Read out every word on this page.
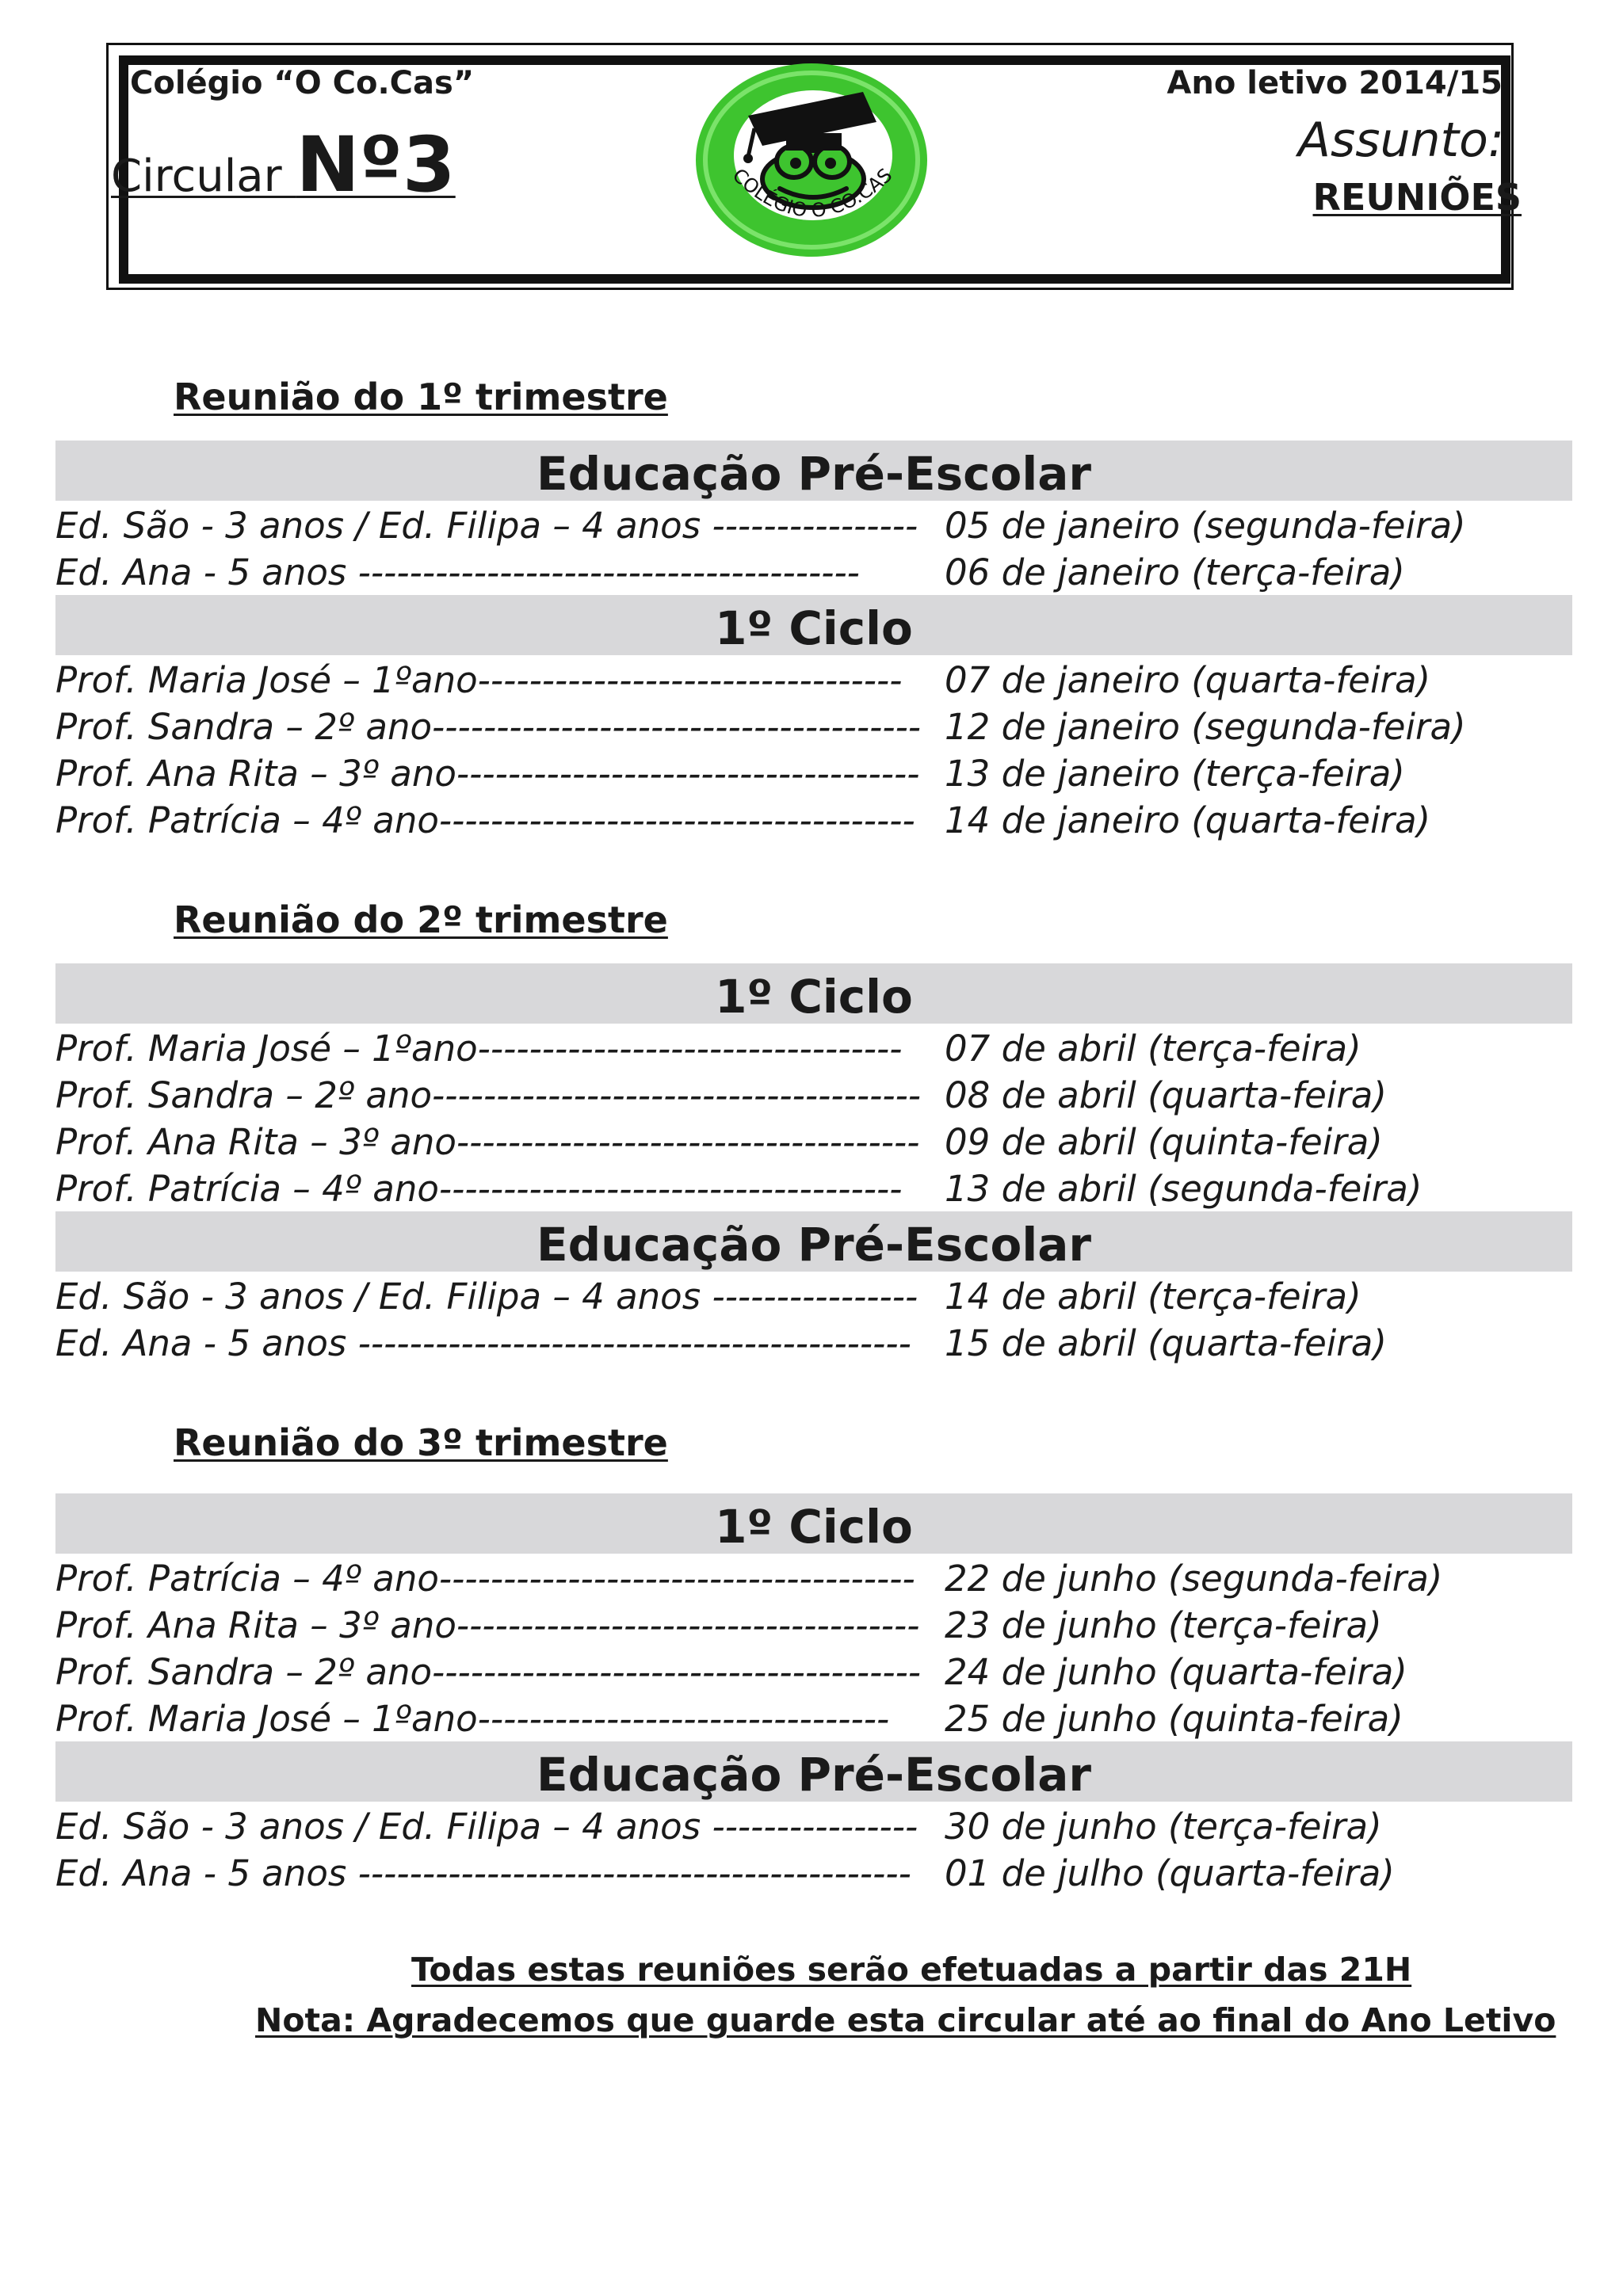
Colégio “O Co.Cas”
Circular Nº3
Ano letivo 2014/15
Assunto:
REUNIÕES
COLÉGIO O CO.CAS
Reunião do 1º trimestre
Educação Pré-Escolar
Ed. São - 3 anos / Ed. Filipa – 4 anos ---------------- 05 de janeiro (segunda-feira)
Ed. Ana - 5 anos --------------------------------------- 06 de janeiro (terça-feira)
1º Ciclo
Prof. Maria José – 1ºano---------------------------------	07 de janeiro (quarta-feira)
Prof. Sandra – 2º ano-------------------------------------- 12 de janeiro (segunda-feira)
Prof. Ana Rita – 3º ano------------------------------------ 13 de janeiro (terça-feira)
Prof. Patrícia – 4º ano------------------------------------- 14 de janeiro (quarta-feira)
Reunião do 2º trimestre
1º Ciclo
Prof. Maria José – 1ºano---------------------------------	07 de abril (terça-feira)
Prof. Sandra – 2º ano-------------------------------------- 08 de abril (quarta-feira)
Prof. Ana Rita – 3º ano------------------------------------ 09 de abril (quinta-feira)
Prof. Patrícia – 4º ano------------------------------------	13 de abril (segunda-feira)
Educação Pré-Escolar
Ed. São - 3 anos / Ed. Filipa – 4 anos ---------------- 14 de abril (terça-feira)
Ed. Ana - 5 anos ------------------------------------------- 15 de abril (quarta-feira)
Reunião do 3º trimestre
1º Ciclo
Prof. Patrícia – 4º ano------------------------------------- 22 de junho (segunda-feira)
Prof. Ana Rita – 3º ano------------------------------------ 23 de junho (terça-feira)
Prof. Sandra – 2º ano-------------------------------------- 24 de junho (quarta-feira)
Prof. Maria José – 1ºano--------------------------------	25 de junho (quinta-feira)
Educação Pré-Escolar
Ed. São - 3 anos / Ed. Filipa – 4 anos ---------------- 30 de junho (terça-feira)
Ed. Ana - 5 anos ------------------------------------------- 01 de julho (quarta-feira)
Todas estas reuniões serão efetuadas a partir das 21H
Nota: Agradecemos que guarde esta circular até ao final do Ano Letivo
